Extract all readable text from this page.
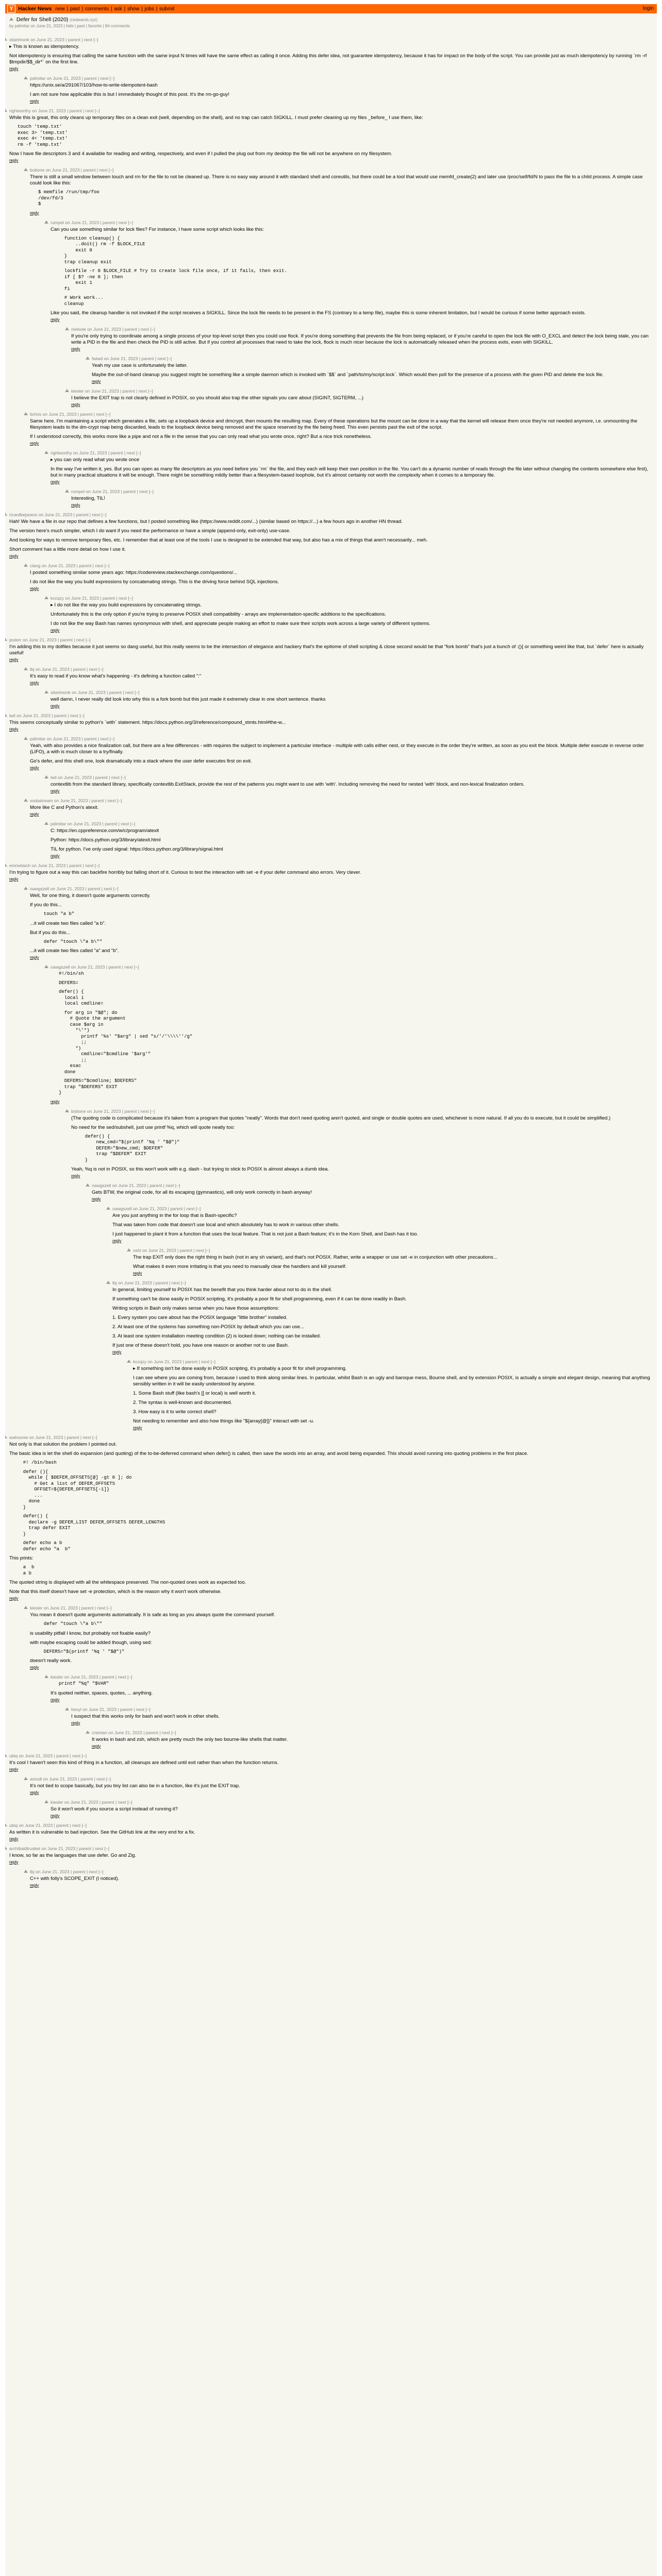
Y Hacker News new | past | comments | ask | show | jobs | submit	login
Defer for Shell (2020) (cedwards.xyz)
by pdimitar on June 21, 2023 | hide | past | favorite | 84 comments
sitarlmonk on June 21, 2023 | parent | next [–]

▸ This is known as idempotency.

Not idempotency is ensuring that calling the same function with the same input N times will have the same effect as calling it once. Adding this defer idea, not guarantee idempotency, because it has for impact on the body of the script. You can provide just as much idempotency by running `rm -rf $tmpdir/$$_dir*` on the first line.

reply
pdimitar on June 21, 2023 | parent | next [–]

https://unix.se/a/291067/103/how-to-write-idempotent-bash

I am not sure how applicable this is but I immediately thought of this post. It's the rm-go-guy!

reply
rightworthy on June 21, 2023 | parent | next [–]

While this is great, this only cleans up temporary files on a clean exit (well, depending on the shell), and no trap can catch SIGKILL. I must prefer cleaning up my files _before_ I use them, like:

touch 'temp.txt'
exec 3> 'temp.txt'
exec 4< 'temp.txt'
rm -f 'temp.txt'

Now I have file descriptors 3 and 4 available for reading and writing, respectively, and even if I pulled the plug out from my desktop the file will not be anywhere on my filesystem.

reply
bobone on June 21, 2023 | parent | next [–]

There is still a small window between touch and rm for the file to not be cleaned up. There is no easy way around it with standard shell and coreutils, but there could be a tool that would use memfd_create(2) and later use /proc/self/fd/N to pass the file to a child process. A simple case could look like this:

$ memfile /run/tmp/foo
/dev/fd/3
$
reply
rumpel on June 21, 2023 | parent | next [–]

Can you use something similar for lock files? For instance, I have some script which looks like this:

function cleanup() {
..doit() rm -f $LOCK_FILE
exit 0
}
trap cleanup exit
lockfile -r 0 $LOCK_FILE # Try to create lock file once, if it fails, then exit.
if [ $? -ne 0 ]; then
exit 1
fi
# Work work...
cleanup

Like you said, the cleanup handler is not invoked if the script receives a SIGKILL. Since the lock file needs to be present in the FS (contrary to a temp file), maybe this is some inherent limitation, but I would be curious if some better approach exists.

reply
nielsole on June 21, 2023 | parent | next [–]

If you're only trying to coordinate among a single process of your top-level script then you could use flock. If you're doing something that prevents the file from being replaced, or if you're careful to open the lock file with O_EXCL and detect the lock being stale, you can write a PID in the file and then check the PID is still active. But if you control all processes that need to take the lock, flock is much nicer because the lock is automatically released when the process exits, even with SIGKILL.

reply
fwiwd on June 21, 2023 | parent | next [–]

Yeah my use case is unfortunately the latter.

Maybe the out-of-band cleanup you suggest might be something like a simple daemon which is invoked with `$$` and `path/to/my/script.lock`. Which would then poll for the presence of a process with the given PID and delete the lock file.

reply
kiesler on June 21, 2023 | parent | next [–]

I believe the EXIT trap is not clearly defined in POSIX, so you should also trap the other signals you care about (SIGINT, SIGTERM, ...)

reply
tichris on June 21, 2023 | parent | next [–]

Same here. I'm maintaining a script which generates a file, sets up a loopback device and dmcrypt, then mounts the resulting map. Every of these operations but the mount can be done in a way that the kernel will release them once they're not needed anymore, i.e. unmounting the filesystem leads to the dm-crypt map being discarded, leads to the loopback device being removed and the space reserved by the file being freed. This even persists past the exit of the script.

If I understood correctly, this works more like a pipe and not a file in the sense that you can only read what you wrote once, right? But a nice trick nonetheless.

reply
rightworthy on June 21, 2023 | parent | next [–]

▸ you can only read what you wrote once

In the way I've written it, yes. But you can open as many file descriptors as you need before you `rm` the file, and they each will keep their own position in the file. You can't do a dynamic number of reads through the file later without changing the contents somewhere else first), but in many practical situations it will be enough. There might be something mildly better than a filesystem-based loophole, but it's almost certainly not worth the complexity when it comes to a temporary file.

reply
rumpel on June 21, 2023 | parent | next [–]

Interesting, TIL!

reply
ricardbejarano on June 21, 2023 | parent | next [–]

Hah! We have a file in our repo that defines a few functions, but I posted something like (https://www.reddit.com/...) (similar based on https://...) a few hours ago in another HN thread.

The version here's much simpler, which I do want if you need the performance or have a simple (append-only, exit-only) use-case.

And looking for ways to remove temporary files, etc. I remember that at least one of the tools I use is designed to be extended that way, but also has a mix of things that aren't necessarily... meh.

Short comment has a little more detail on how I use it.

reply
clang on June 21, 2023 | parent | next [–]

I posted something similar some years ago: https://codereview.stackexchange.com/questions/...

I do not like the way you build expressions by concatenating strings. This is the driving force behind SQL injections.

reply
kccqzy on June 21, 2023 | parent | next [–]

▸ I do not like the way you build expressions by concatenating strings.

Unfortunately this is the only option if you're trying to preserve POSIX shell compatibility - arrays are implementation-specific additions to the specifications.

I do not like the way Bash has names synonymous with shell, and appreciate people making an effort to make sure their scripts work across a large variety of different systems.

reply
jesterr on June 21, 2023 | parent | next [–]

I'm adding this to my dotfiles because it just seems so dang useful, but this really seems to be the intersection of elegance and hackery that's the epitome of shell scripting & close second would be that "fork bomb" that's just a bunch of :(){ or something weird like that, but `defer` here is actually useful!

reply
lbj on June 21, 2023 | parent | next [–]

It's easy to read if you know what's happening - it's defining a function called ":"

reply
sitarlmonk on June 21, 2023 | parent | next [–]

well damn, I never really did look into why this is a fork bomb but this just made it extremely clear in one short sentence. thanks

reply
lwil on June 21, 2023 | parent | next [–]

This seems conceptually similar to python's `with` statement. https://docs.python.org/3/reference/compound_stmts.html#the-w...

reply
pdimitar on June 21, 2023 | parent | next [–]

Yeah, with also provides a nice finalization call, but there are a few differences - with requires the subject to implement a particular interface - multiple with calls either nest, or they execute in the order they're written, as soon as you exit the block. Multiple defer execute in reverse order (LIFO), a with is much closer to a try/finally.

Go's defer, and this shell one, look dramatically into a stack where the user defer executes first on exit.

reply
lwil on June 21, 2023 | parent | next [–]

contextlib from the standard library, specifically contextlib.ExitStack, provide the rest of the patterns you might want to use with 'with'. Including removing the need for nested 'with' block, and non-lexical finalization orders.

reply
sodastream on June 21, 2023 | parent | next [–]

More like C and Python's atexit.

reply
pdimitar on June 21, 2023 | parent | next [–]

C: https://en.cppreference.com/w/c/program/atexit

Python: https://docs.python.org/3/library/atexit.html

TIL for python. I've only used signal: https://docs.python.org/3/library/signal.html

reply
emmelaich on June 21, 2023 | parent | next [–]

I'm trying to figure out a way this can backfire horribly but falling short of it. Curious to test the interaction with set -e if your defer command also errors. Very clever.

reply
nawgszell on June 21, 2023 | parent | next [–]

Well, for one thing, it doesn't quote arguments correctly.

If you do this...

touch "a b"

...it will create two files called "a b".

But if you do this...

defer "touch \"a b\""

...it will create two files called "a" and "b".

reply
nawgszell on June 21, 2023 | parent | next [–]
#!/bin/sh
DEFERS=
defer() {
local i
local cmdline=
for arg in "$@"; do
# Quote the argument
case $arg in
*\'*)
printf '%s' "$arg" | sed "s/'/'\\\\''/g"
;;
*)
cmdline="$cmdline '$arg'"
;;
esac
done
DEFERS="$cmdline; $DEFERS"
trap "$DEFERS" EXIT
}
reply
bobone on June 21, 2023 | parent | next [–]

(The quoting code is complicated because it's taken from a program that quotes "neatly". Words that don't need quoting aren't quoted, and single or double quotes are used, whichever is more natural. If all you do is execute, but it could be simplified.)

No need for the sed/subshell, just use printf %q, which will quote neatly too:

defer() {
new_cmd="$(printf '%q ' "$@")"
DEFER="$new_cmd; $DEFER"
trap "$DEFER" EXIT
}

Yeah, %q is not in POSIX, so this won't work with e.g. dash - but trying to stick to POSIX is almost always a dumb idea.

reply
nawgszell on June 21, 2023 | parent | next [–]

Gets BTW, the original code, for all its escaping (gymnastics), will only work correctly in bash anyway!

reply
nawgszell on June 21, 2023 | parent | next [–]

Are you just anything in the for loop that is Bash-specific?

That was taken from code that doesn't use local and which absolutely has to work in various other shells.

I just happened to plant it from a function that uses the local feature. That is not just a Bash feature; it's in the Korn Shell, and Dash has it too.

reply
oshi on June 21, 2023 | parent | next [–]

The trap EXIT only does the right thing in bash (not in any sh variant), and that's not POSIX. Rather, write a wrapper or use set -e in conjunction with other precautions...

What makes it even more irritating is that you need to manually clear the handlers and kill yourself.

reply
lbj on June 21, 2023 | parent | next [–]

In general, limiting yourself to POSIX has the benefit that you think harder about not to do in the shell.

If something can't be done easily in POSIX scripting, it's probably a poor fit for shell programming, even if it can be done readily in Bash.

Writing scripts in Bash only makes sense when you have those assumptions:

1. Every system you care about has the POSIX language "little brother" installed.

2. At least one of the systems has something non-POSIX by default which you can use...

3. At least one system installation meeting condition (2) is locked down; nothing can be installed.

If just one of these doesn't hold, you have one reason or another not to use Bash.

reply
kccqzy on June 21, 2023 | parent | next [–]

▸ If something isn't be done easily in POSIX scripting, it's probably a poor fit for shell programming.

I can see where you are coming from, because I used to think along similar lines. In particular, whilst Bash is an ugly and baroque mess, Bourne shell, and by extension POSIX, is actually a simple and elegant design, meaning that anything sensibly written in it will be easily understood by anyone.

1. Some Bash stuff (like bash's [[ or local) is well worth it.

2. The syntax is well-known and documented.

3. How easy is it to write correct shell?

Not needing to remember and also how things like "${array[@]}" interact with set -u.

reply
wahoonie on June 21, 2023 | parent | next [–]

Not only is that solution the problem I pointed out.

The basic idea is let the shell do expansion (and quoting) of the to-be-deferred command when defer() is called, then save the words into an array, and avoid being expanded. This should avoid running into quoting problems in the first place.

#! /bin/bash
defer (){
while [ $DEFER_OFFSETS[@] -gt 0 ]; do
# Get a list of DEFER_OFFSETS
OFFSET=${DEFER_OFFSETS[-1]}
...
done
}
defer() {
declare -g DEFER_LIST DEFER_OFFSETS DEFER_LENGTHS
trap defer EXIT
}
defer echo a b
defer echo "a  b"

This prints:

a  b
a b

The quoted string is displayed with all the whitespace preserved. The non-quoted ones work as expected too.

Note that this itself doesn't have set -e protection, which is the reason why it won't work otherwise.

reply
kiesler on June 21, 2023 | parent | next [–]

You mean it doesn't quote arguments automatically. It is safe as long as you always quote the command yourself.

defer "touch \"a b\""

is usability pitfall I know, but probably not fixable easily?

with maybe escaping could be added though, using sed:

DEFERS="$(printf '%q ' "$@")"

doesn't really work.

reply
kiesler on June 21, 2023 | parent | next [–]
printf "%q" "$VAR"

It's quoted neither, spaces, quotes, ... anything.

reply
hexyl on June 21, 2023 | parent | next [–]

I suspect that this works only for bash and won't work in other shells.

reply
crisman on June 21, 2023 | parent | next [–]

It works in bash and zsh, which are pretty much the only two bourne-like shells that matter.

reply
ubiq on June 21, 2023 | parent | next [–]

It's cool I haven't seen this kind of thing in a function, all cleanups are defined until exit rather than when the function returns.

reply
amodl on June 21, 2023 | parent | next [–]

It's not tied to scope basically, but you tiny list can also be in a function, like it's just the EXIT trap.

reply
kiesler on June 21, 2023 | parent | next [–]

So it won't work if you source a script instead of running it?

reply
ubiq on June 21, 2023 | parent | next [–]

As written it is vulnerable to bad injection. See the GitHub link at the very end for a fix.

reply
archibaldtrusket on June 21, 2023 | parent | next [–]

I know, so far as the languages that use defer. Go and Zig.

reply
lbj on June 21, 2023 | parent | next [–]

C++ with folly's SCOPE_EXIT (I noticed).

reply
